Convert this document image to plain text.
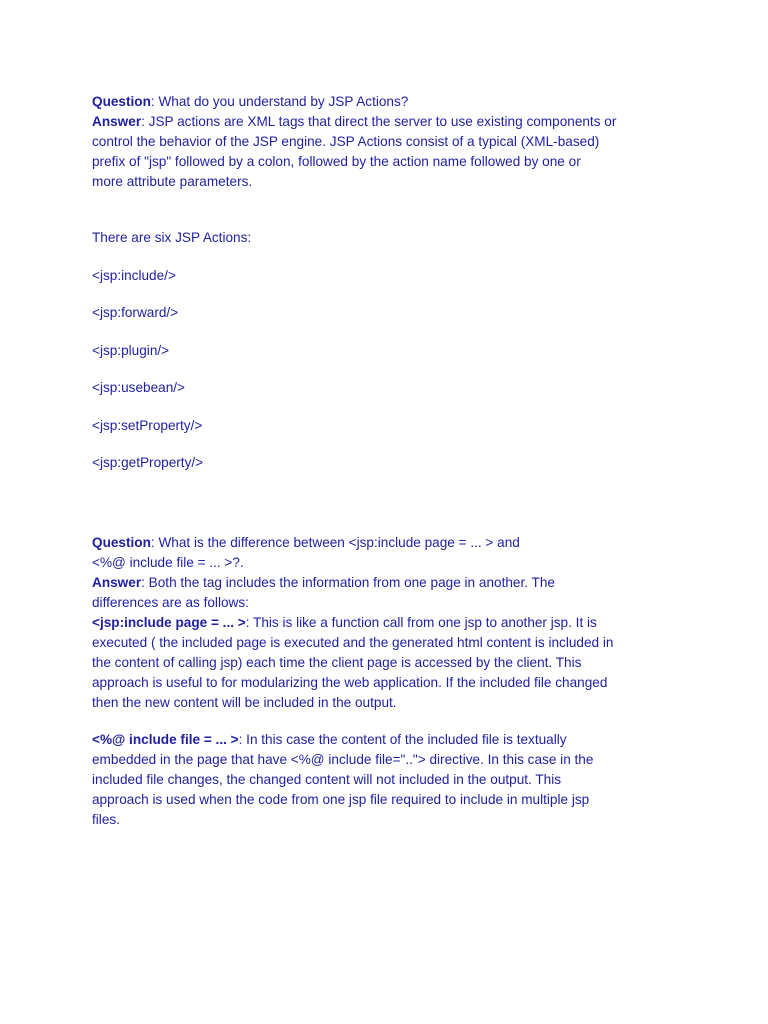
Question: What do you understand by JSP Actions?
Answer: JSP actions are XML tags that direct the server to use existing components or
control the behavior of the JSP engine. JSP Actions consist of a typical (XML-based)
prefix of "jsp" followed by a colon, followed by the action name followed by one or
more attribute parameters.
There are six JSP Actions:
<jsp:include/>
<jsp:forward/>
<jsp:plugin/>
<jsp:usebean/>
<jsp:setProperty/>
<jsp:getProperty/>
Question: What is the difference between <jsp:include page = ... > and
<%@ include file = ... >?.
Answer: Both the tag includes the information from one page in another. The
differences are as follows:
<jsp:include page = ... >: This is like a function call from one jsp to another jsp. It is
executed ( the included page is executed and the generated html content is included in
the content of calling jsp) each time the client page is accessed by the client. This
approach is useful to for modularizing the web application. If the included file changed
then the new content will be included in the output.
<%@ include file = ... >: In this case the content of the included file is textually
embedded in the page that have <%@ include file=".."> directive. In this case in the
included file changes, the changed content will not included in the output. This
approach is used when the code from one jsp file required to include in multiple jsp
files.
